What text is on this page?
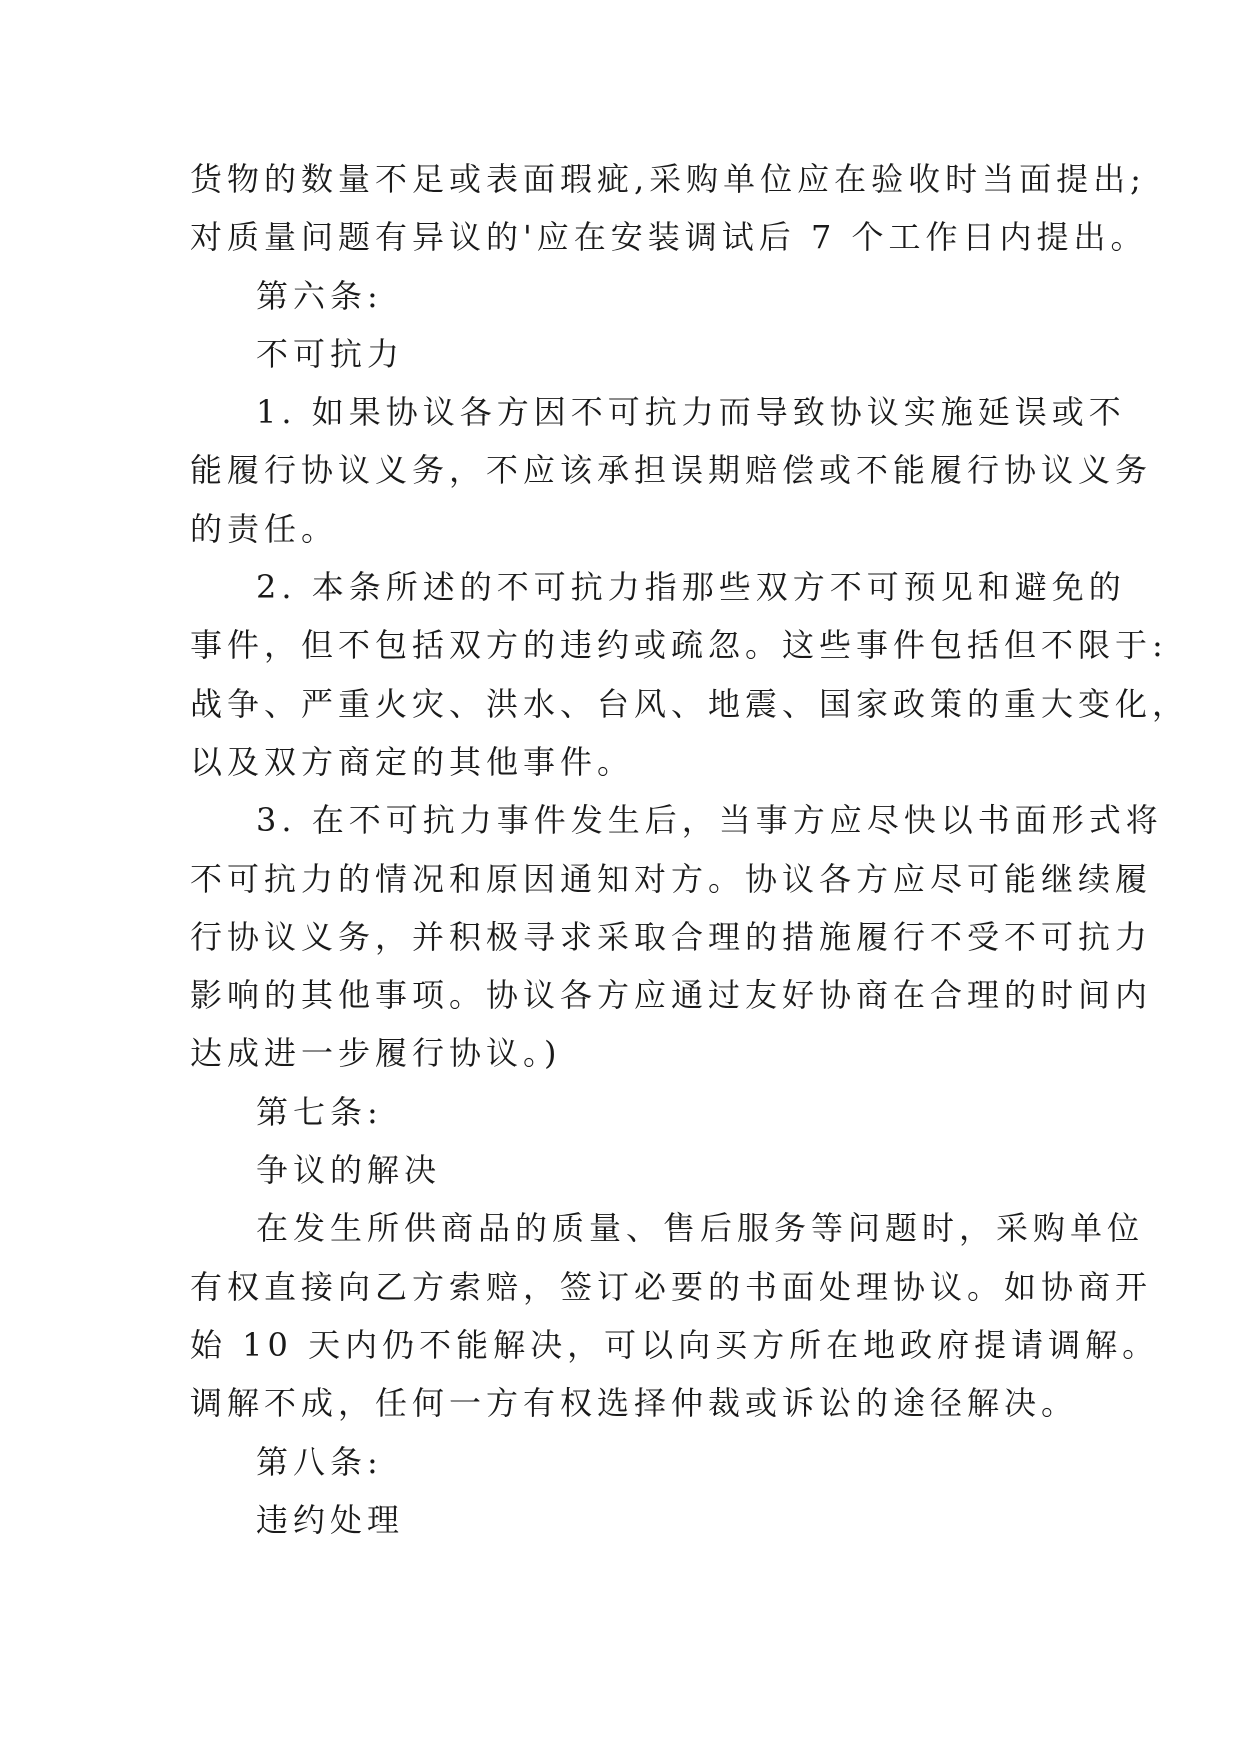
货物的数量不足或表面瑕疵,采购单位应在验收时当面提出;
对质量问题有异议的'应在安装调试后 7 个工作日内提出。
第六条:
不可抗力
1. 如果协议各方因不可抗力而导致协议实施延误或不
能履行协议义务，不应该承担误期赔偿或不能履行协议义务
的责任。
2. 本条所述的不可抗力指那些双方不可预见和避免的
事件，但不包括双方的违约或疏忽。这些事件包括但不限于:
战争、严重火灾、洪水、台风、地震、国家政策的重大变化，
以及双方商定的其他事件。
3. 在不可抗力事件发生后，当事方应尽快以书面形式将
不可抗力的情况和原因通知对方。协议各方应尽可能继续履
行协议义务，并积极寻求采取合理的措施履行不受不可抗力
影响的其他事项。协议各方应通过友好协商在合理的时间内
达成进一步履行协议。)
第七条:
争议的解决
在发生所供商品的质量、售后服务等问题时，采购单位
有权直接向乙方索赔，签订必要的书面处理协议。如协商开
始 10 天内仍不能解决，可以向买方所在地政府提请调解。
调解不成，任何一方有权选择仲裁或诉讼的途径解决。
第八条:
违约处理
